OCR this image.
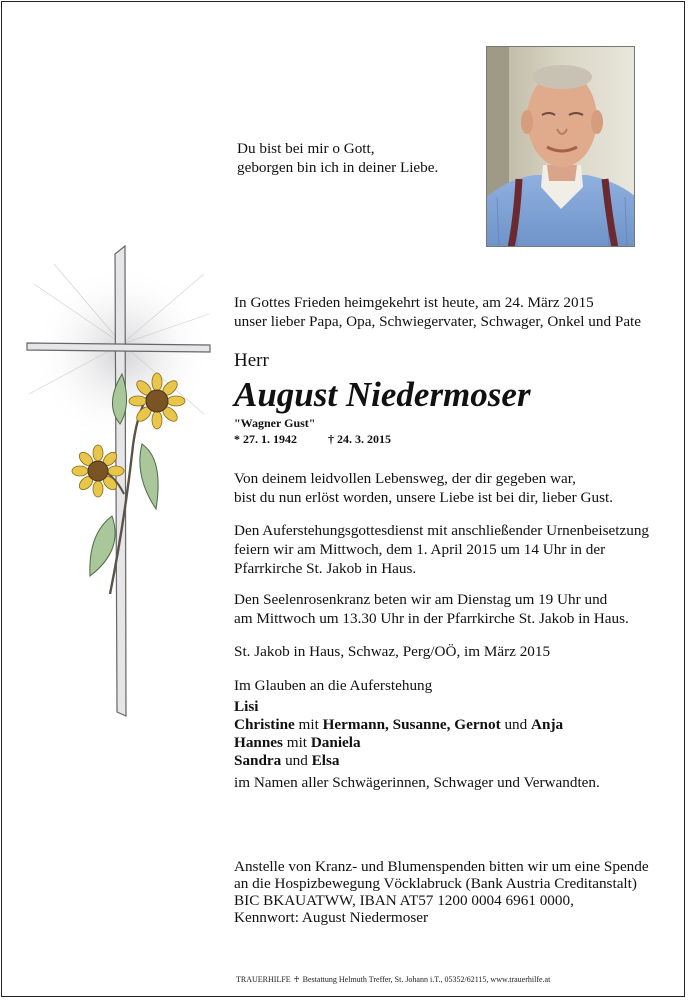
Du bist bei mir o Gott,
geborgen bin ich in deiner Liebe.
In Gottes Frieden heimgekehrt ist heute, am 24. März 2015
unser lieber Papa, Opa, Schwiegervater, Schwager, Onkel und Pate
Herr
August Niedermoser
"Wagner Gust"
* 27. 1. 1942	† 24. 3. 2015
Von deinem leidvollen Lebensweg, der dir gegeben war,
bist du nun erlöst worden, unsere Liebe ist bei dir, lieber Gust.
Den Auferstehungsgottesdienst mit anschließender Urnenbeisetzung
feiern wir am Mittwoch, dem 1. April 2015 um 14 Uhr in der
Pfarrkirche St. Jakob in Haus.
Den Seelenrosenkranz beten wir am Dienstag um 19 Uhr und
am Mittwoch um 13.30 Uhr in der Pfarrkirche St. Jakob in Haus.
St. Jakob in Haus, Schwaz, Perg/OÖ, im März 2015
Im Glauben an die Auferstehung
Lisi
Christine mit Hermann, Susanne, Gernot und Anja
Hannes mit Daniela
Sandra und Elsa
im Namen aller Schwägerinnen, Schwager und Verwandten.
Anstelle von Kranz- und Blumenspenden bitten wir um eine Spende
an die Hospizbewegung Vöcklabruck (Bank Austria Creditanstalt)
BIC BKAUATWW, IBAN AT57 1200 0004 6961 0000,
Kennwort: August Niedermoser
TRAUERHILFE ♰ Bestattung Helmuth Treffer, St. Johann i.T., 05352/62115, www.trauerhilfe.at
